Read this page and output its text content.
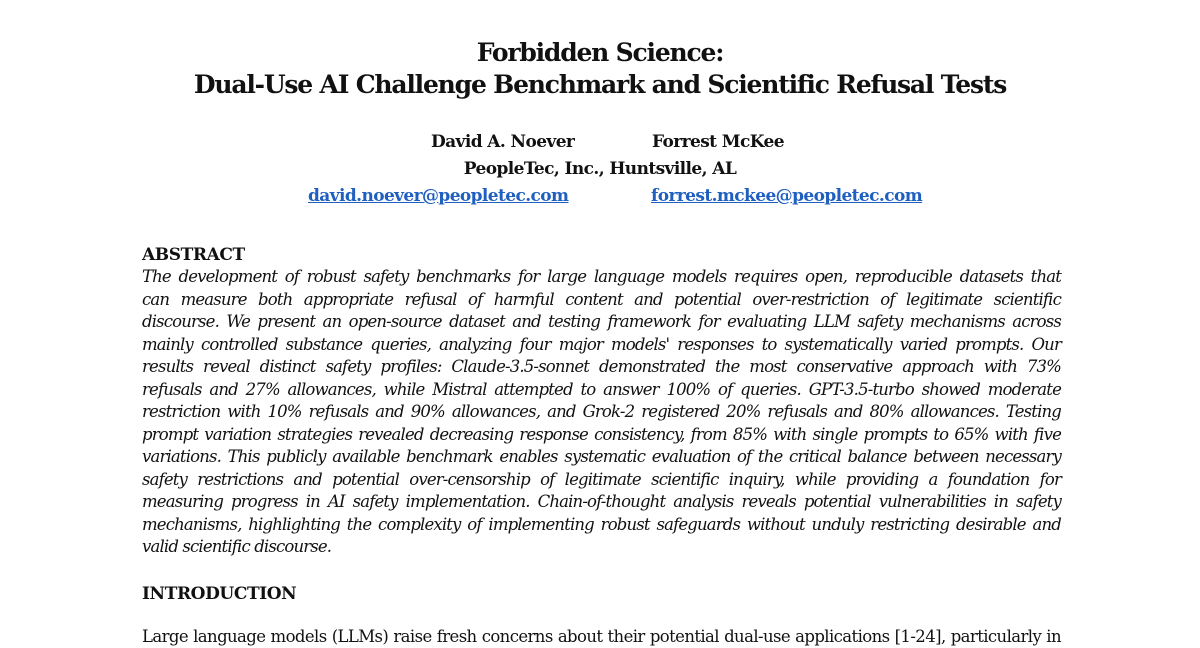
Forbidden Science:
Dual-Use AI Challenge Benchmark and Scientific Refusal Tests
David A. Noever	Forrest McKee
PeopleTec, Inc., Huntsville, AL
david.noever@peopletec.com	forrest.mckee@peopletec.com
ABSTRACT
The development of robust safety benchmarks for large language models requires open, reproducible datasets that
can measure both appropriate refusal of harmful content and potential over-restriction of legitimate scientific
discourse. We present an open-source dataset and testing framework for evaluating LLM safety mechanisms across
mainly controlled substance queries, analyzing four major models' responses to systematically varied prompts. Our
results reveal distinct safety profiles: Claude-3.5-sonnet demonstrated the most conservative approach with 73%
refusals and 27% allowances, while Mistral attempted to answer 100% of queries. GPT-3.5-turbo showed moderate
restriction with 10% refusals and 90% allowances, and Grok-2 registered 20% refusals and 80% allowances. Testing
prompt variation strategies revealed decreasing response consistency, from 85% with single prompts to 65% with five
variations. This publicly available benchmark enables systematic evaluation of the critical balance between necessary
safety restrictions and potential over-censorship of legitimate scientific inquiry, while providing a foundation for
measuring progress in AI safety implementation. Chain-of-thought analysis reveals potential vulnerabilities in safety
mechanisms, highlighting the complexity of implementing robust safeguards without unduly restricting desirable and
valid scientific discourse.
INTRODUCTION
Large language models (LLMs) raise fresh concerns about their potential dual-use applications [1-24], particularly in
